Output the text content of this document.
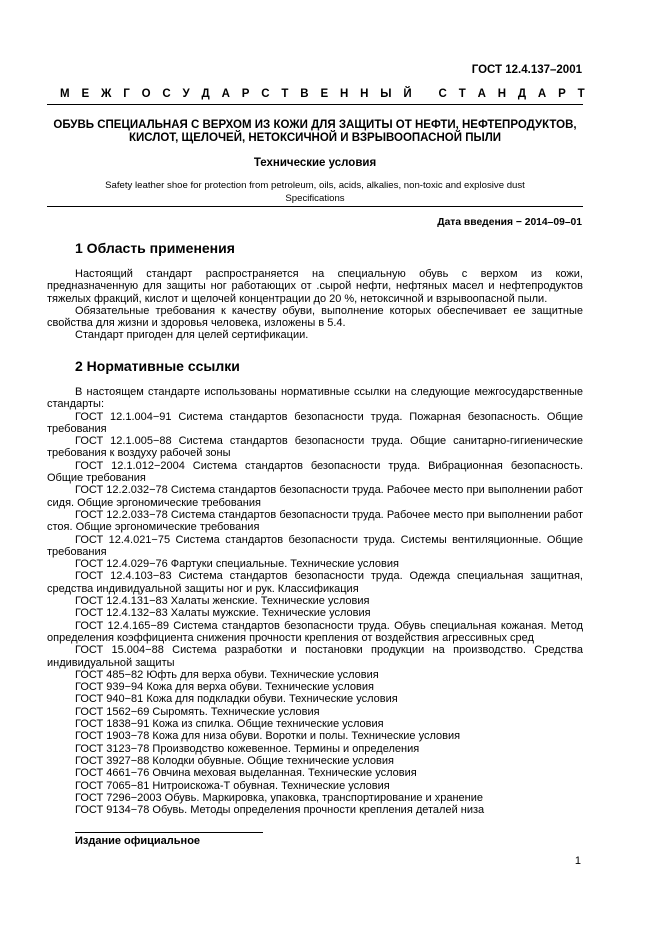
ГОСТ 12.4.137–2001
М Е Ж Г О С У Д А Р С Т В Е Н Н Ы Й
С Т А Н Д А Р Т
ОБУВЬ СПЕЦИАЛЬНАЯ С ВЕРХОМ ИЗ КОЖИ ДЛЯ ЗАЩИТЫ ОТ НЕФТИ, НЕФТЕПРОДУКТОВ,
КИСЛОТ, ЩЕЛОЧЕЙ, НЕТОКСИЧНОЙ И ВЗРЫВООПАСНОЙ ПЫЛИ
Технические условия
Safety leather shoe for protection from petroleum, oils, acids, alkalies, non-toxic and explosive dust
Specifications
Дата введения − 2014–09–01
1 Область применения

Настоящий стандарт распространяется на специальную обувь с верхом из кожи, предназначенную для защиты ног работающих от .сырой нефти, нефтяных масел и нефтепродуктов тяжелых фракций, кислот и щелочей концентрации до 20 %, нетоксичной и взрывоопасной пыли.

Обязательные требования к качеству обуви, выполнение которых обеспечивает ее защитные свойства для жизни и здоровья человека, изложены в 5.4.

Стандарт пригоден для целей сертификации.

2 Нормативные ссылки

В настоящем стандарте использованы нормативные ссылки на следующие межгосударственные стандарты:

ГОСТ 12.1.004−91 Система стандартов безопасности труда. Пожарная безопасность. Общие требования

ГОСТ 12.1.005−88 Система стандартов безопасности труда. Общие санитарно-гигиенические требования к воздуху рабочей зоны

ГОСТ 12.1.012−2004 Система стандартов безопасности труда. Вибрационная безопасность. Общие требования

ГОСТ 12.2.032−78 Система стандартов безопасности труда. Рабочее место при выполнении работ сидя. Общие эргономические требования

ГОСТ 12.2.033−78 Система стандартов безопасности труда. Рабочее место при выполнении работ стоя. Общие эргономические требования

ГОСТ 12.4.021−75 Система стандартов безопасности труда. Системы вентиляционные. Общие требования

ГОСТ 12.4.029−76 Фартуки специальные. Технические условия

ГОСТ 12.4.103−83 Система стандартов безопасности труда. Одежда специальная защитная, средства индивидуальной защиты ног и рук. Классификация

ГОСТ 12.4.131−83 Халаты женские. Технические условия

ГОСТ 12.4.132−83 Халаты мужские. Технические условия

ГОСТ 12.4.165−89 Система стандартов безопасности труда. Обувь специальная кожаная. Метод определения коэффициента снижения прочности крепления от воздействия агрессивных сред

ГОСТ 15.004−88 Система разработки и постановки продукции на производство. Средства индивидуальной защиты

ГОСТ 485−82 Юфть для верха обуви. Технические условия

ГОСТ 939−94 Кожа для верха обуви. Технические условия

ГОСТ 940−81 Кожа для подкладки обуви. Технические условия

ГОСТ 1562−69 Сыромять. Технические условия

ГОСТ 1838−91 Кожа из спилка. Общие технические условия

ГОСТ 1903−78 Кожа для низа обуви. Воротки и полы. Технические условия

ГОСТ 3123−78 Производство кожевенное. Термины и определения

ГОСТ 3927−88 Колодки обувные. Общие технические условия

ГОСТ 4661−76 Овчина меховая выделанная. Технические условия

ГОСТ 7065−81 Нитроискожа-Т обувная. Технические условия

ГОСТ 7296−2003 Обувь. Маркировка, упаковка, транспортирование и хранение

ГОСТ 9134−78 Обувь. Методы определения прочности крепления деталей низа

Издание официальное
1
